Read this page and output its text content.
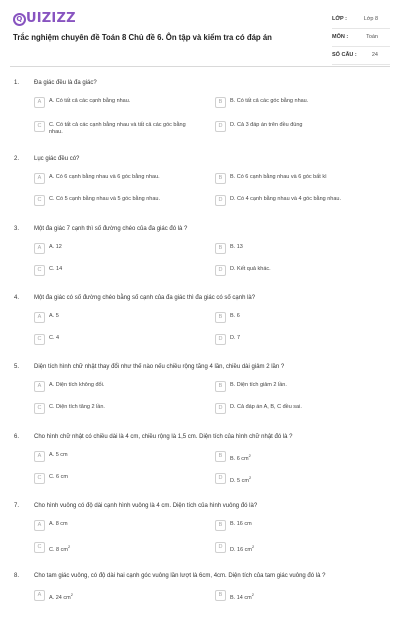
Q UIZIZZ
Trắc nghiệm chuyên đề Toán 8 Chủ đề 6. Ôn tập và kiểm tra có đáp án
LỚP :	Lớp 8
MÔN :	Toán
SỐ CÂU :	24
1. Đa giác đều là đa giác?
A	A. Có tất cả các cạnh bằng nhau.	B	B. Có tất cả các góc bằng nhau.
C	C. Có tất cả các cạnh bằng nhau và tất cả các góc bằng nhau.
D	D. Cả 3 đáp án trên đều đúng
2. Lục giác đều có?
A	A. Có 6 cạnh bằng nhau và 6 góc bằng nhau.	B	B. Có 6 cạnh bằng nhau và 6 góc bất kì
C	C. Có 5 cạnh bằng nhau và 5 góc bằng nhau.	D	D. Có 4 cạnh bằng nhau và 4 góc bằng nhau.
3. Một đa giác 7 cạnh thì số đường chéo của đa giác đó là ?
A	A. 12	B	B. 13
C	C. 14	D	D. Kết quả khác.
4. Một đa giác có số đường chéo bằng số cạnh của đa giác thì đa giác có số cạnh là?
A	A. 5	B	B. 6
C	C. 4	D	D. 7
5. Diện tích hình chữ nhật thay đổi như thế nào nếu chiều rộng tăng 4 lần, chiều dài giảm 2 lần ?
A	A. Diện tích không đổi.	B	B. Diện tích giảm 2 lần.
C	C. Diện tích tăng 2 lần.	D	D. Cả đáp án A, B, C đều sai.
6. Cho hình chữ nhật có chiều dài là 4 cm, chiều rộng là 1,5 cm. Diện tích của hình chữ nhật đó là ?
A	A. 5 cm	B	B. 6 $cm^2$
C	C. 6 cm	D	D. 5 $cm^2$
7. Cho hình vuông có độ dài cạnh hình vuông là 4 cm. Diện tích của hình vuông đó là?
A	A. 8 cm	B	B. 16 cm
C	C. 8 $cm^2$	D	D. 16 $cm^2$
8. Cho tam giác vuông, có độ dài hai cạnh góc vuông lần lượt là 6cm, 4cm. Diện tích của tam giác vuông đó là ?
A	A. 24 $cm^2$	B	B. 14 $cm^2$
